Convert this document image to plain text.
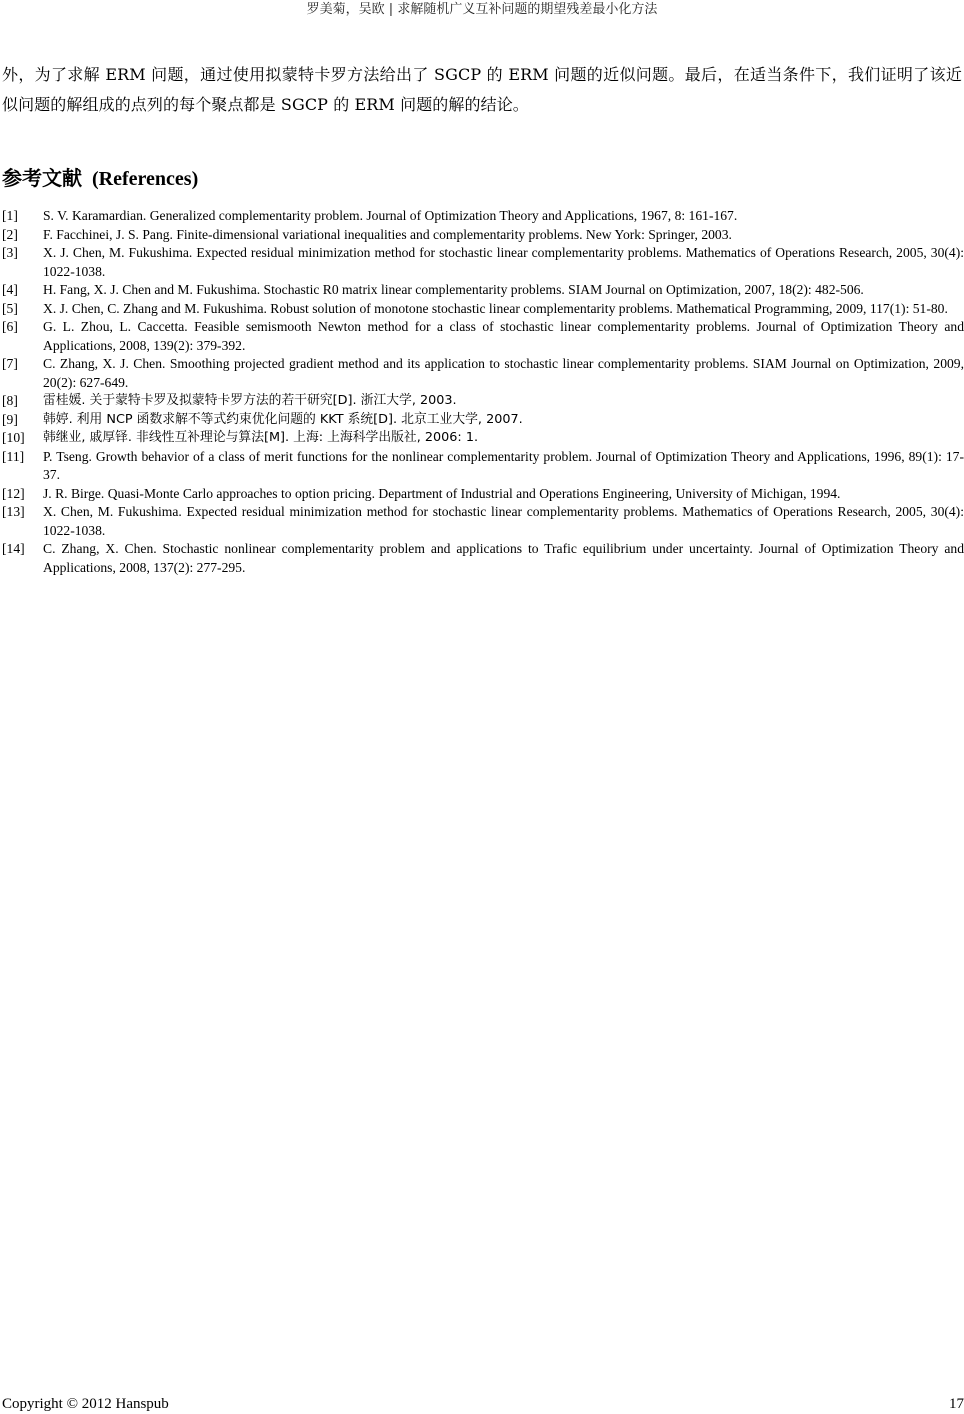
罗美菊，吴欧 | 求解随机广义互补问题的期望残差最小化方法

外，为了求解 ERM 问题，通过使用拟蒙特卡罗方法给出了 SGCP 的 ERM 问题的近似问题。最后，在适当条件下，我们证明了该近似问题的解组成的点列的每个聚点都是 SGCP 的 ERM 问题的解的结论。

参考文献 (References)
[1]	S. V. Karamardian. Generalized complementarity problem. Journal of Optimization Theory and Applications, 1967, 8: 161-167.
[2]	F. Facchinei, J. S. Pang. Finite-dimensional variational inequalities and complementarity problems. New York: Springer, 2003.
[3]	X. J. Chen, M. Fukushima. Expected residual minimization method for stochastic linear complementarity problems. Mathematics of Operations Research, 2005, 30(4): 1022-1038.
[4]	H. Fang, X. J. Chen and M. Fukushima. Stochastic R0 matrix linear complementarity problems. SIAM Journal on Optimization, 2007, 18(2): 482-506.
[5]	X. J. Chen, C. Zhang and M. Fukushima. Robust solution of monotone stochastic linear complementarity problems. Mathematical Programming, 2009, 117(1): 51-80.
[6]	G. L. Zhou, L. Caccetta. Feasible semismooth Newton method for a class of stochastic linear complementarity problems. Journal of Optimization Theory and Applications, 2008, 139(2): 379-392.
[7]	C. Zhang, X. J. Chen. Smoothing projected gradient method and its application to stochastic linear complementarity problems. SIAM Journal on Optimization, 2009, 20(2): 627-649.
[8]	雷桂媛. 关于蒙特卡罗及拟蒙特卡罗方法的若干研究[D]. 浙江大学, 2003.
[9]	韩婷. 利用 NCP 函数求解不等式约束优化问题的 KKT 系统[D]. 北京工业大学, 2007.
[10]	韩继业, 戚厚铎. 非线性互补理论与算法[M]. 上海: 上海科学出版社, 2006: 1.
[11]	P. Tseng. Growth behavior of a class of merit functions for the nonlinear complementarity problem. Journal of Optimization Theory and Applications, 1996, 89(1): 17-37.
[12]	J. R. Birge. Quasi-Monte Carlo approaches to option pricing. Department of Industrial and Operations Engineering, University of Michigan, 1994.
[13]	X. Chen, M. Fukushima. Expected residual minimization method for stochastic linear complementarity problems. Mathematics of Operations Research, 2005, 30(4): 1022-1038.
[14]	C. Zhang, X. Chen. Stochastic nonlinear complementarity problem and applications to Trafic equilibrium under uncertainty. Journal of Optimization Theory and Applications, 2008, 137(2): 277-295.
Copyright © 2012 Hanspub	17
